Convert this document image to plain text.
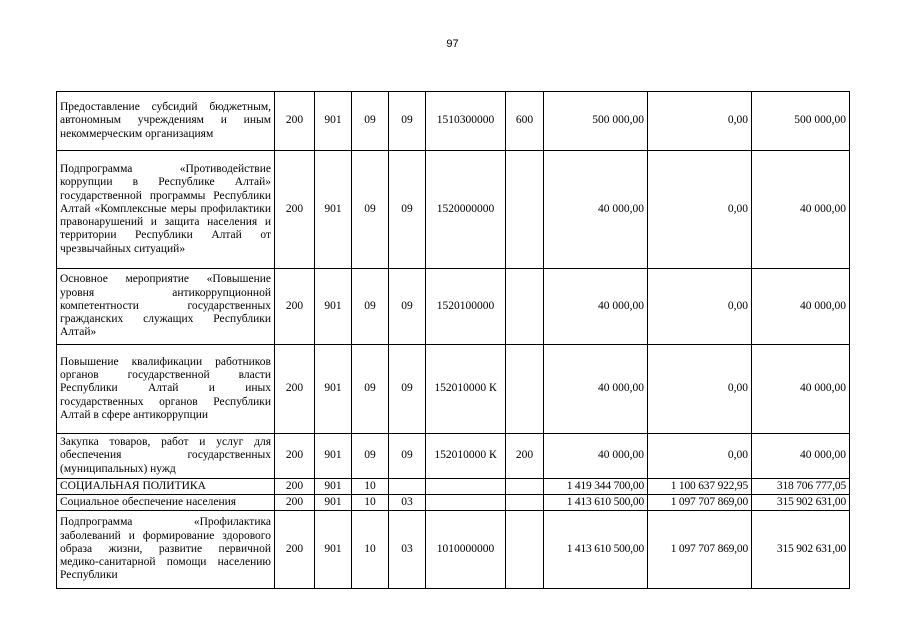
97
Предоставление субсидий бюджетным, автономным учреждениям и иным некоммерческим организациям	200	901	09	09	1510300000	600	500 000,00	0,00	500 000,00
Подпрограмма «Противодействие коррупции в Республике Алтай» государственной программы Республики Алтай «Комплексные меры профилактики правонарушений и защита населения и территории Республики Алтай от чрезвычайных ситуаций»	200	901	09	09	1520000000		40 000,00	0,00	40 000,00
Основное мероприятие «Повышение уровня антикоррупционной компетентности государственных гражданских служащих Республики Алтай»	200	901	09	09	1520100000		40 000,00	0,00	40 000,00
Повышение квалификации работников органов государственной власти Республики Алтай и иных государственных органов Республики Алтай в сфере антикоррупции	200	901	09	09	152010000 К		40 000,00	0,00	40 000,00
Закупка товаров, работ и услуг для обеспечения государственных (муниципальных) нужд	200	901	09	09	152010000 К	200	40 000,00	0,00	40 000,00
СОЦИАЛЬНАЯ ПОЛИТИКА	200	901	10				1 419 344 700,00	1 100 637 922,95	318 706 777,05
Социальное обеспечение населения	200	901	10	03			1 413 610 500,00	1 097 707 869,00	315 902 631,00
Подпрограмма «Профилактика заболеваний и формирование здорового образа жизни, развитие первичной медико-санитарной помощи населению Республики	200	901	10	03	1010000000		1 413 610 500,00	1 097 707 869,00	315 902 631,00
